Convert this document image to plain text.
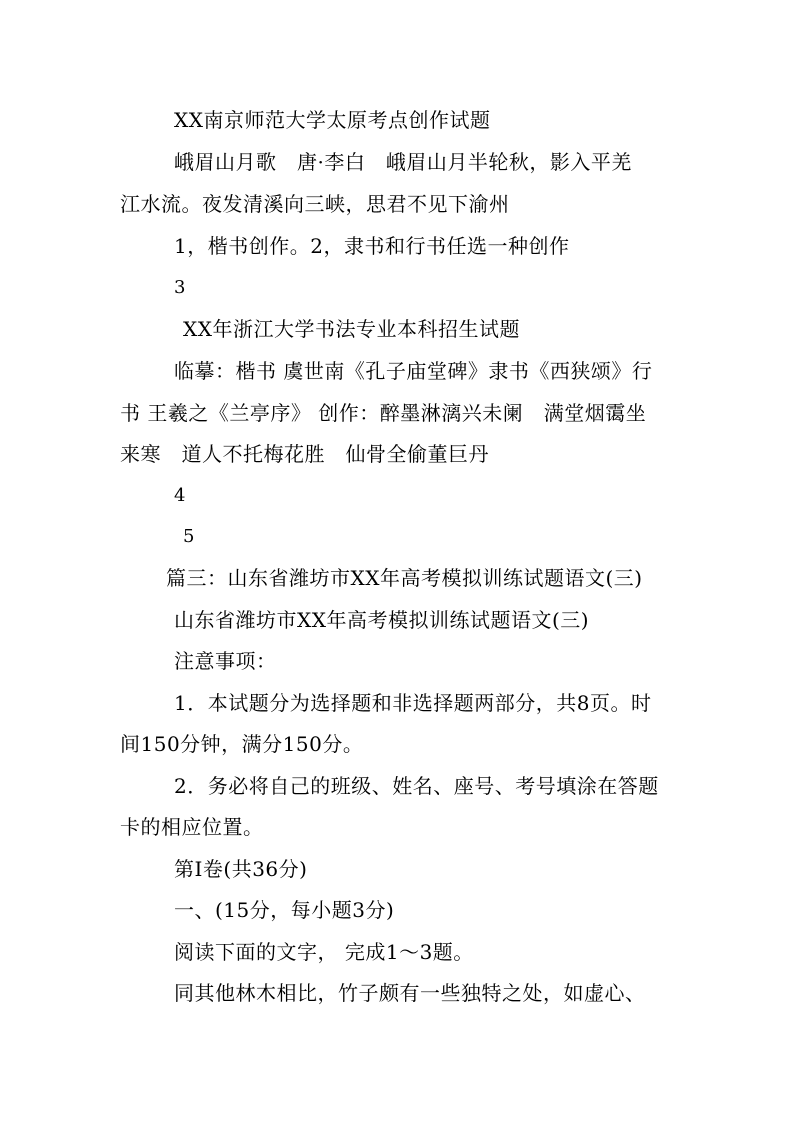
XX南京师范大学太原考点创作试题
峨眉山月歌　唐·李白　峨眉山月半轮秋，影入平羌
江水流。夜发清溪向三峡，思君不见下渝州
1，楷书创作。2，隶书和行书任选一种创作
3
XX年浙江大学书法专业本科招生试题
临摹：楷书 虞世南《孔子庙堂碑》隶书《西狭颂》行
书 王羲之《兰亭序》 创作：醉墨淋漓兴未阑　满堂烟霭坐
来寒　道人不托梅花胜　仙骨全偷董巨丹
4
5
篇三：山东省潍坊市XX年高考模拟训练试题语文(三)
山东省潍坊市XX年高考模拟训练试题语文(三)
注意事项：
1．本试题分为选择题和非选择题两部分，共8页。时
间150分钟，满分150分。
2．务必将自己的班级、姓名、座号、考号填涂在答题
卡的相应位置。
第Ⅰ卷(共36分)
一、(15分，每小题3分)
阅读下面的文字， 完成1～3题。
同其他林木相比，竹子颇有一些独特之处，如虚心、
